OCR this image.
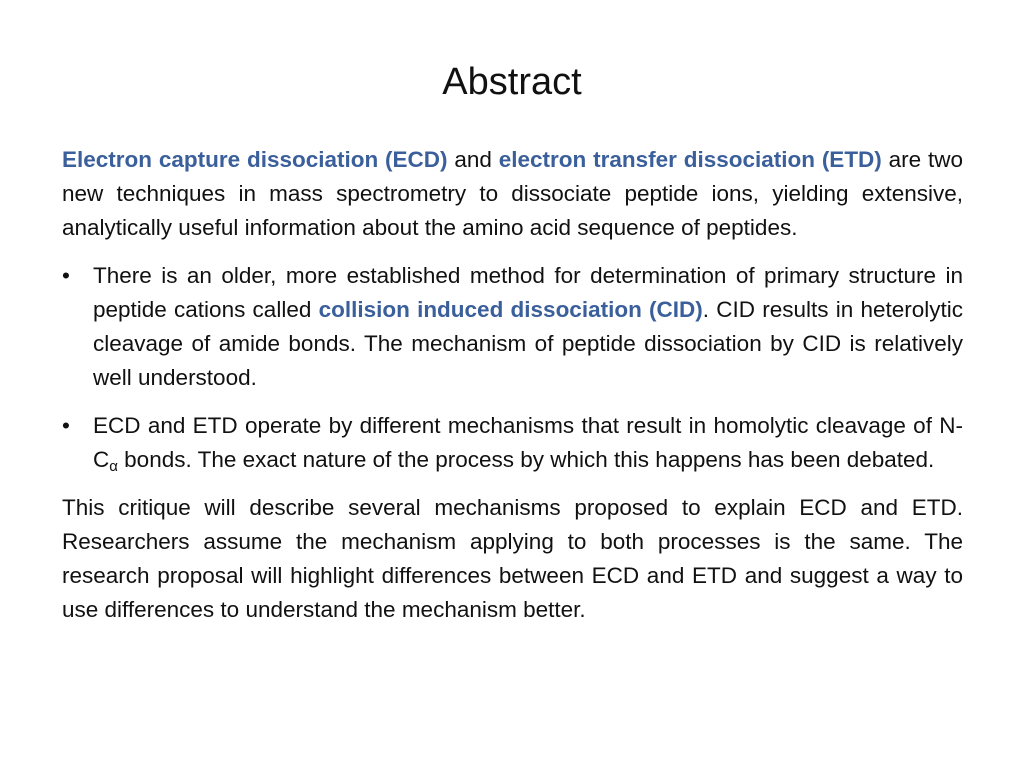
Abstract

Electron capture dissociation (ECD) and electron transfer dissociation (ETD) are two new techniques in mass spectrometry to dissociate peptide ions, yielding extensive, analytically useful information about the amino acid sequence of peptides.

•	There is an older, more established method for determination of primary structure in peptide cations called collision induced dissociation (CID). CID results in heterolytic cleavage of amide bonds. The mechanism of peptide dissociation by CID is relatively well understood.
•	ECD and ETD operate by different mechanisms that result in homolytic cleavage of $N-C_\alpha$ bonds. The exact nature of the process by which this happens has been debated.

This critique will describe several mechanisms proposed to explain ECD and ETD. Researchers assume the mechanism applying to both processes is the same. The research proposal will highlight differences between ECD and ETD and suggest a way to use differences to understand the mechanism better.
